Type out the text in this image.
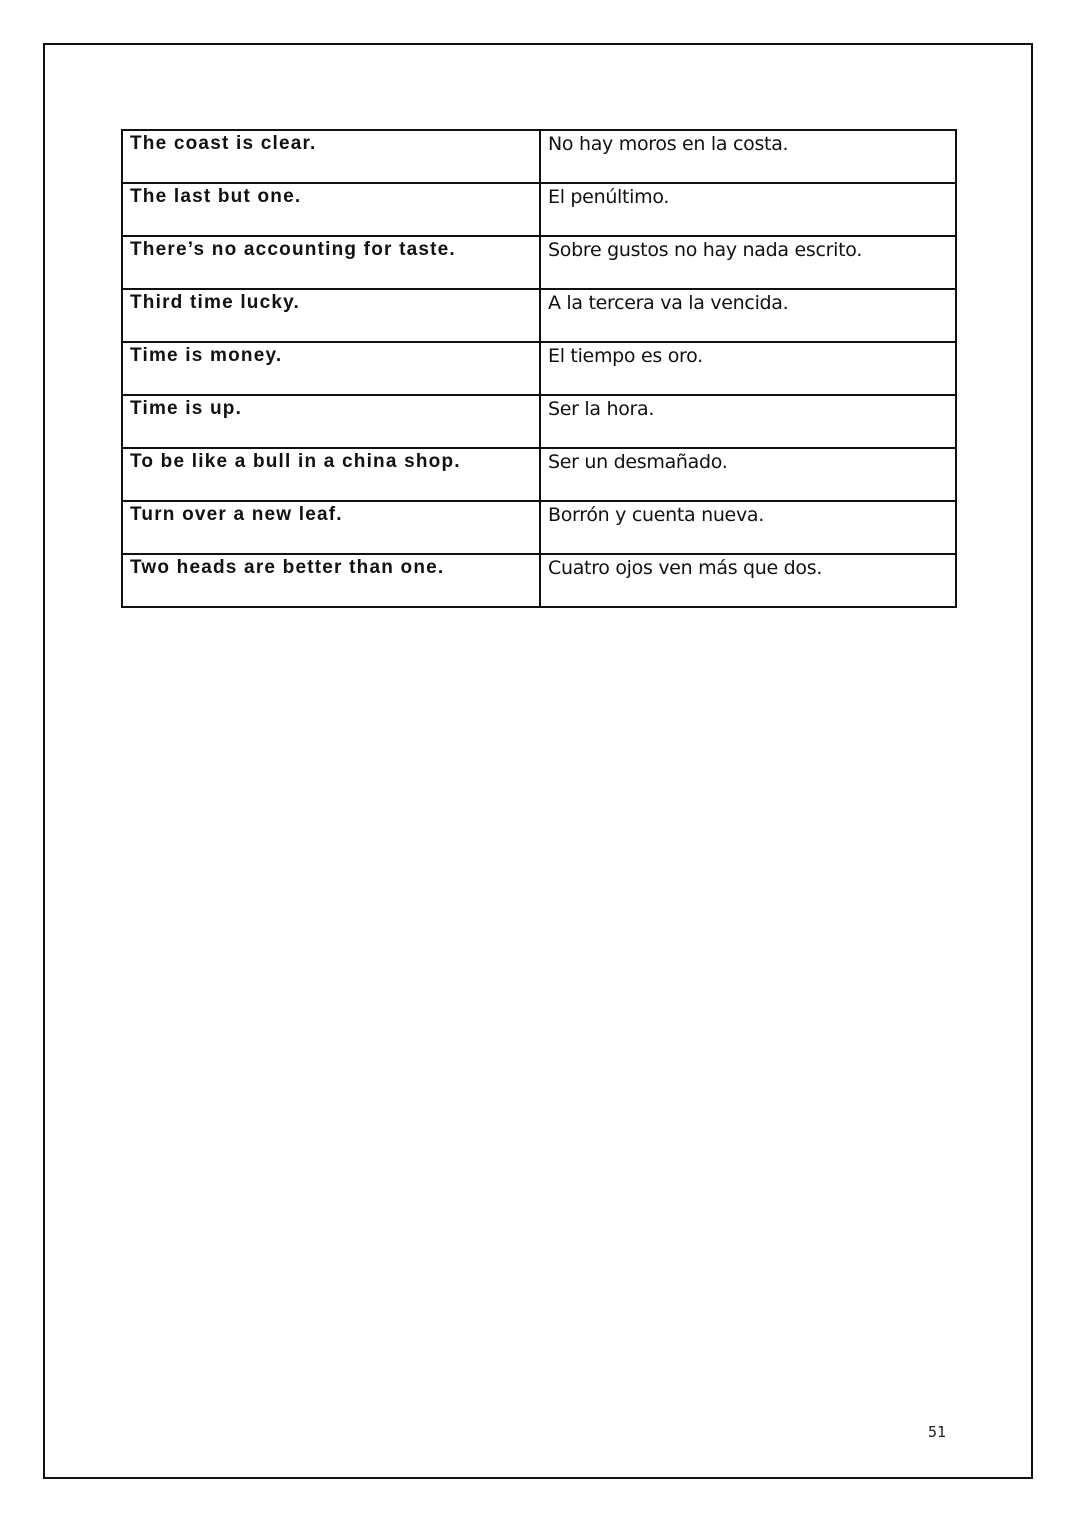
The coast is clear.	No hay moros en la costa.
The last but one.	El penúltimo.
There’s no accounting for taste.	Sobre gustos no hay nada escrito.
Third time lucky.	A la tercera va la vencida.
Time is money.	El tiempo es oro.
Time is up.	Ser la hora.
To be like a bull in a china shop.	Ser un desmañado.
Turn over a new leaf.	Borrón y cuenta nueva.
Two heads are better than one.	Cuatro ojos ven más que dos.
51
